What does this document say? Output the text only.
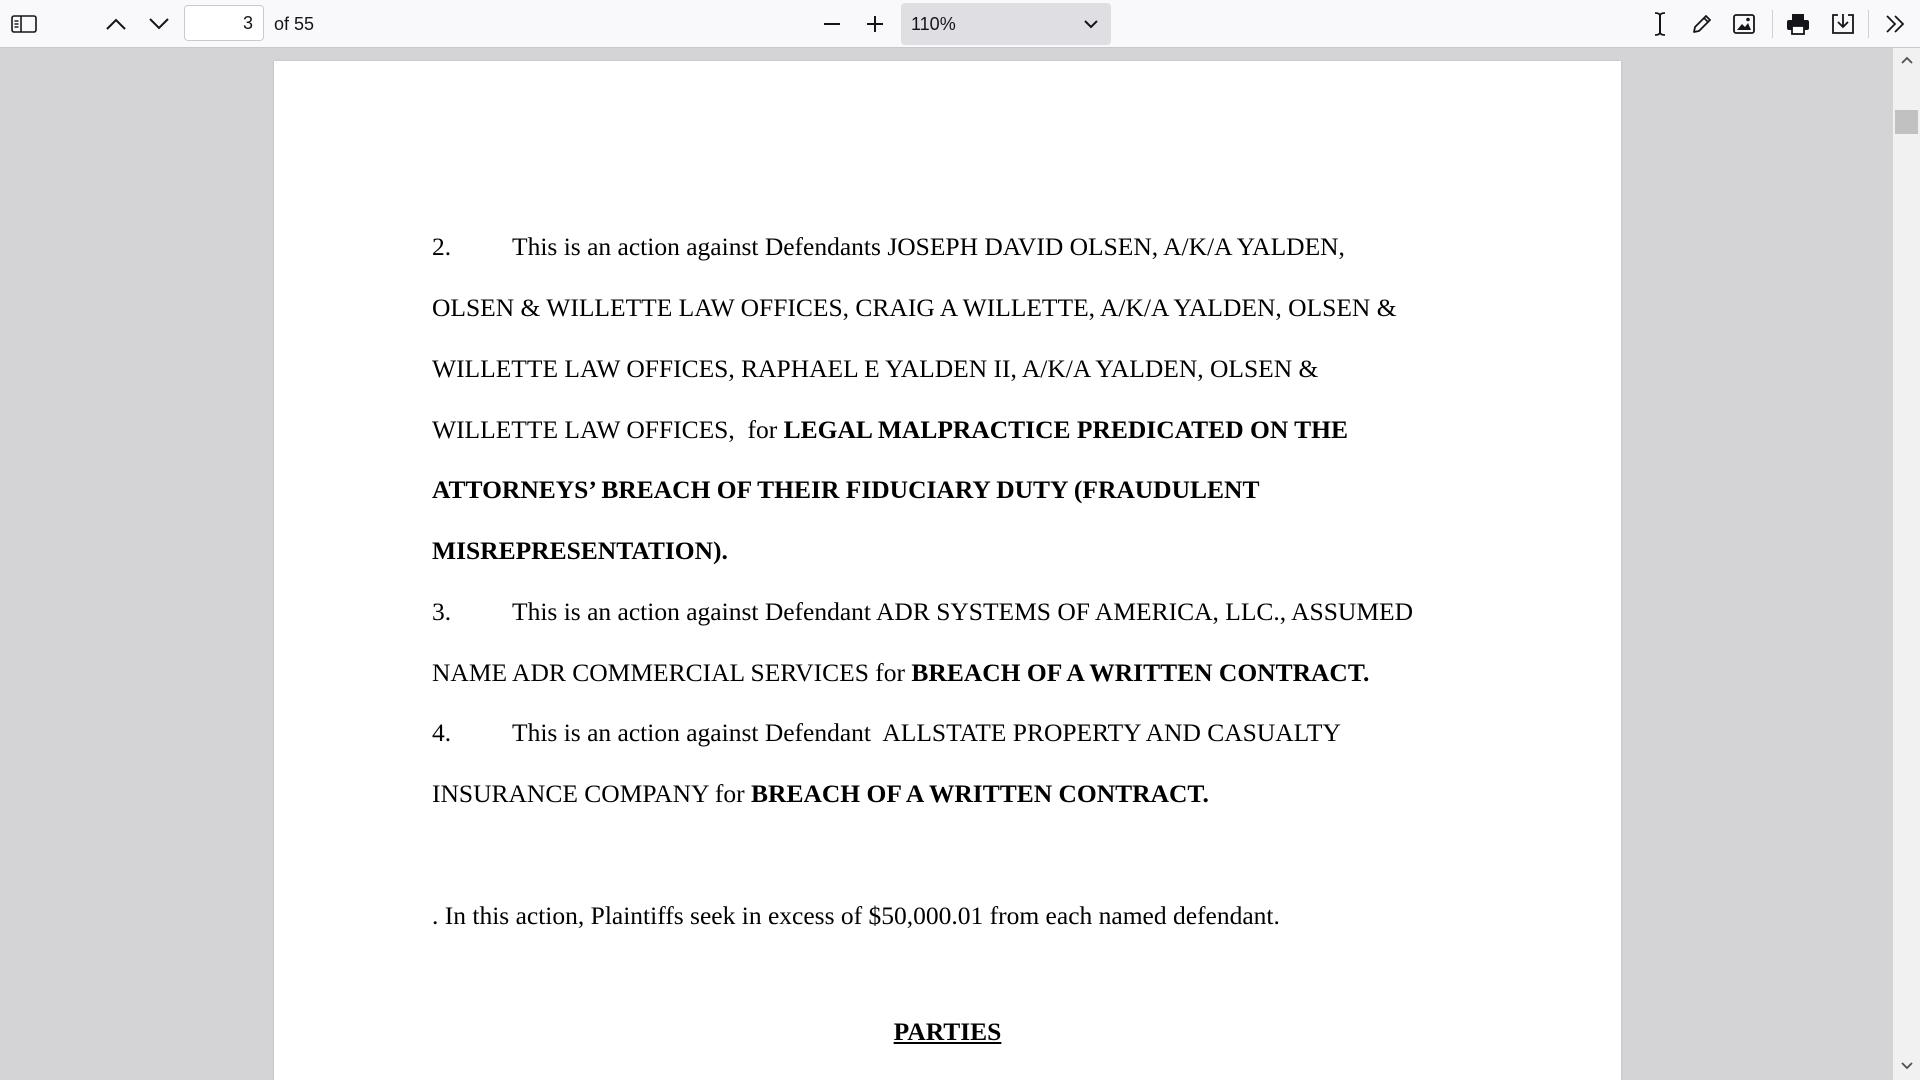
3
of 55	110%
2. This is an action against Defendants JOSEPH DAVID OLSEN, A/K/A YALDEN,
OLSEN & WILLETTE LAW OFFICES, CRAIG A WILLETTE, A/K/A YALDEN, OLSEN &
WILLETTE LAW OFFICES, RAPHAEL E YALDEN II, A/K/A YALDEN, OLSEN &
WILLETTE LAW OFFICES,  for LEGAL MALPRACTICE PREDICATED ON THE
ATTORNEYS’ BREACH OF THEIR FIDUCIARY DUTY (FRAUDULENT
MISREPRESENTATION).
3. This is an action against Defendant ADR SYSTEMS OF AMERICA, LLC., ASSUMED
NAME ADR COMMERCIAL SERVICES for BREACH OF A WRITTEN CONTRACT.
4. This is an action against Defendant  ALLSTATE PROPERTY AND CASUALTY
INSURANCE COMPANY for BREACH OF A WRITTEN CONTRACT.
. In this action, Plaintiffs seek in excess of $50,000.01 from each named defendant.
PARTIES
